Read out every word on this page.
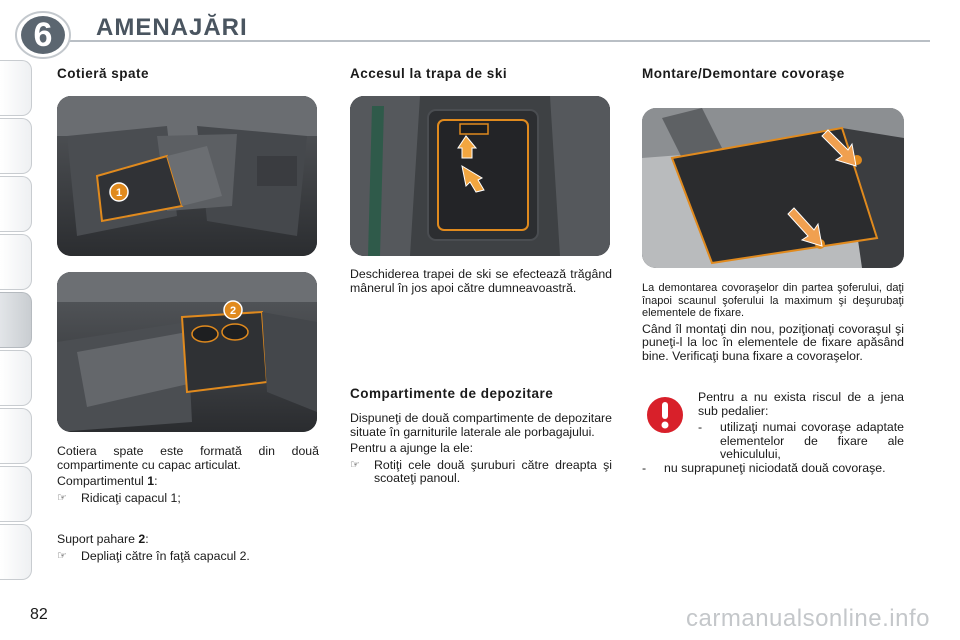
6	AMENAJĂRI
Cotieră spate
1
2

Cotiera spate este formată din două compartimente cu capac articulat.

Compartimentul 1:

☞	Ridicaţi capacul 1;

Suport pahare 2:

☞	Depliaţi către în faţă capacul 2.
Accesul la trapa de ski

Deschiderea trapei de ski se efectează trăgând mânerul în jos apoi către dumneavoastră.

Compartimente de depozitare

Dispuneţi de două compartimente de depozitare situate în garniturile laterale ale porbagajului.

Pentru a ajunge la ele:

☞	Rotiţi cele două şuruburi către dreapta şi scoateţi panoul.
Montare/Demontare covoraşe

La demontarea covoraşelor din partea şoferului, daţi înapoi scaunul şoferului la maximum şi deşurubaţi elementele de fixare.

Când îl montaţi din nou, poziţionaţi covoraşul şi puneţi-l la loc în elementele de fixare apăsând bine. Verificaţi buna fixare a covoraşelor.

Pentru a nu exista riscul de a jena sub pedalier:

-	utilizaţi numai covoraşe adaptate elementelor de fixare ale vehiculului,
-	nu suprapuneţi niciodată două covoraşe.
82	carmanualsonline.info
